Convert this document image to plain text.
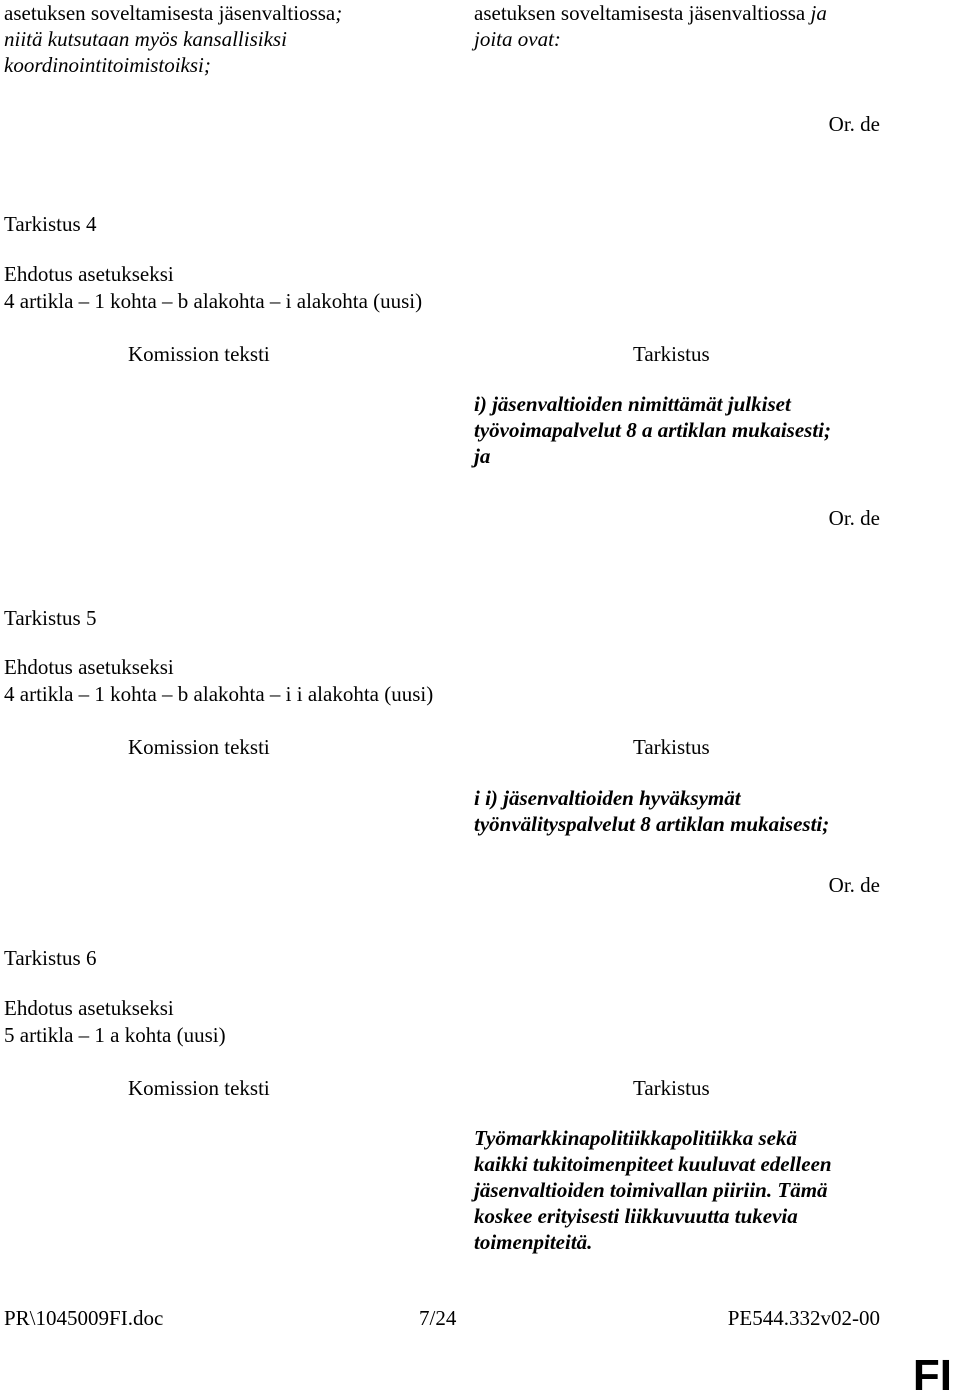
asetuksen soveltamisesta jäsenvaltiossa;
niitä kutsutaan myös kansallisiksi
koordinointitoimistoiksi;
asetuksen soveltamisesta jäsenvaltiossa ja
joita ovat:
Or. de
Tarkistus 4
Ehdotus asetukseksi
4 artikla – 1 kohta – b alakohta – i alakohta (uusi)
Komission teksti	Tarkistus
i) jäsenvaltioiden nimittämät julkiset
työvoimapalvelut 8 a artiklan mukaisesti;
ja
Or. de
Tarkistus 5
Ehdotus asetukseksi
4 artikla – 1 kohta – b alakohta – i i alakohta (uusi)
Komission teksti	Tarkistus
i i) jäsenvaltioiden hyväksymät
työnvälityspalvelut 8 artiklan mukaisesti;
Or. de
Tarkistus 6
Ehdotus asetukseksi
5 artikla – 1 a kohta (uusi)
Komission teksti	Tarkistus
Työmarkkinapolitiikkapolitiikka sekä
kaikki tukitoimenpiteet kuuluvat edelleen
jäsenvaltioiden toimivallan piiriin. Tämä
koskee erityisesti liikkuvuutta tukevia
toimenpiteitä.
PR\1045009FI.doc	7/24	PE544.332v02-00
FI
